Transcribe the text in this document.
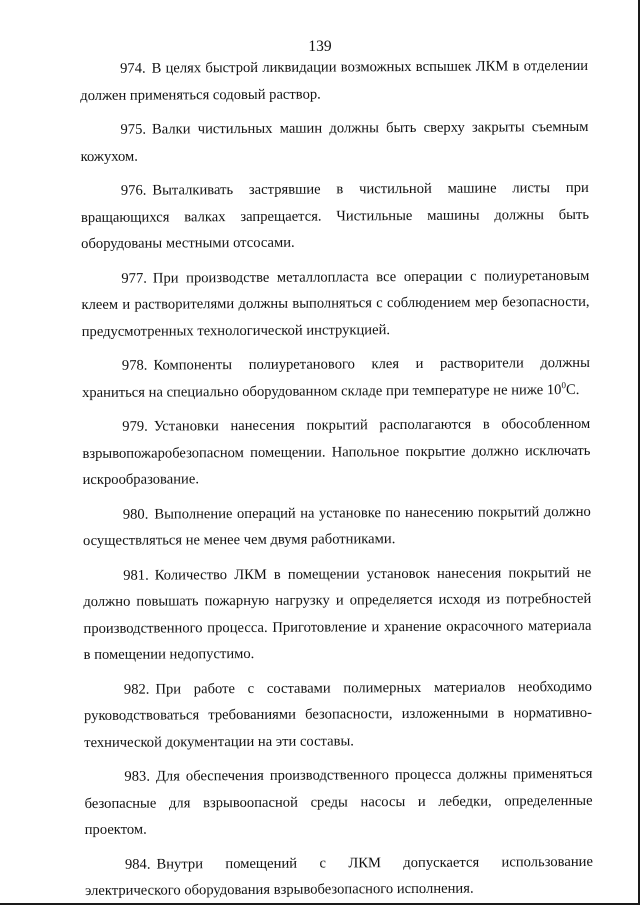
139

974. В целях быстрой ликвидации возможных вспышек ЛКМ в отделении должен применяться содовый раствор.

975. Валки чистильных машин должны быть сверху закрыты съемным кожухом.

976. Выталкивать застрявшие в чистильной машине листы при вращающихся валках запрещается. Чистильные машины должны быть оборудованы местными отсосами.

977. При производстве металлопласта все операции с полиуретановым клеем и растворителями должны выполняться с соблюдением мер безопасности, предусмотренных технологической инструкцией.

978. Компоненты полиуретанового клея и растворители должны храниться на специально оборудованном складе при температуре не ниже $10^0С$.

979. Установки нанесения покрытий располагаются в обособленном взрывопожаробезопасном помещении. Напольное покрытие должно исключать искрообразование.

980. Выполнение операций на установке по нанесению покрытий должно осуществляться не менее чем двумя работниками.

981. Количество ЛКМ в помещении установок нанесения покрытий не должно повышать пожарную нагрузку и определяется исходя из потребностей производственного процесса. Приготовление и хранение окрасочного материала в помещении недопустимо.

982. При работе с составами полимерных материалов необходимо руководствоваться требованиями безопасности, изложенными в нормативно-технической документации на эти составы.

983. Для обеспечения производственного процесса должны применяться безопасные для взрывоопасной среды насосы и лебедки, определенные проектом.

984. Внутри помещений с ЛКМ допускается использование электрического оборудования взрывобезопасного исполнения.
